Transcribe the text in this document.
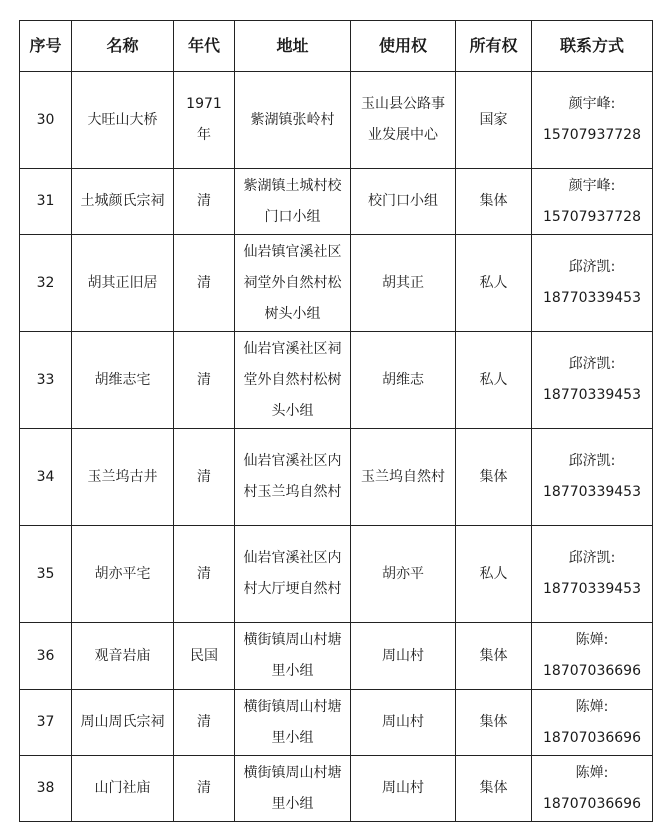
序号	名称	年代	地址	使用权	所有权	联系方式
30	大旺山大桥	1971 年	紫湖镇张岭村	玉山县公路事业发展中心	国家	颜宇峰:
15707937728

31	土城颜氏宗祠	清	紫湖镇土城村校门口小组	校门口小组	集体	颜宇峰:
15707937728

32	胡其正旧居	清	仙岩镇官溪社区祠堂外自然村松树头小组	胡其正	私人	邱济凯:
18770339453

33	胡维志宅	清	仙岩官溪社区祠堂外自然村松树头小组	胡维志	私人	邱济凯:
18770339453

34	玉兰坞古井	清	仙岩官溪社区内村玉兰坞自然村	玉兰坞自然村	集体	邱济凯:
18770339453

35	胡亦平宅	清	仙岩官溪社区内村大厅埂自然村	胡亦平	私人	邱济凯:
18770339453

36	观音岩庙	民国	横街镇周山村塘里小组	周山村	集体	陈婵:
18707036696

37	周山周氏宗祠	清	横街镇周山村塘里小组	周山村	集体	陈婵:
18707036696

38	山门社庙	清	横街镇周山村塘里小组	周山村	集体	陈婵:
18707036696
